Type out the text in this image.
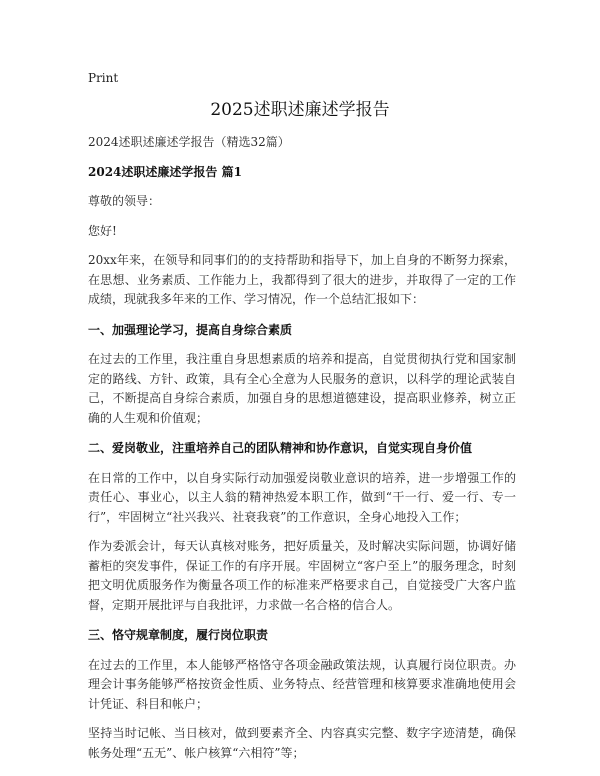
Print
2025述职述廉述学报告

2024述职述廉述学报告（精选32篇）

2024述职述廉述学报告 篇1

尊敬的领导：

您好!

20xx年来，在领导和同事们的的支持帮助和指导下，加上自身的不断努力探索，在思想、业务素质、工作能力上，我都得到了很大的进步，并取得了一定的工作成绩，现就我多年来的工作、学习情况，作一个总结汇报如下：

一、加强理论学习，提高自身综合素质

在过去的工作里，我注重自身思想素质的培养和提高，自觉贯彻执行党和国家制定的路线、方针、政策，具有全心全意为人民服务的意识，以科学的理论武装自己，不断提高自身综合素质，加强自身的思想道德建设，提高职业修养，树立正确的人生观和价值观；

二、爱岗敬业，注重培养自己的团队精神和协作意识，自觉实现自身价值

在日常的工作中，以自身实际行动加强爱岗敬业意识的培养，进一步增强工作的责任心、事业心，以主人翁的精神热爱本职工作，做到“干一行、爱一行、专一行”，牢固树立“社兴我兴、社衰我衰”的工作意识，全身心地投入工作；

作为委派会计，每天认真核对账务，把好质量关，及时解决实际问题，协调好储蓄柜的突发事件，保证工作的有序开展。牢固树立“客户至上”的服务理念，时刻把文明优质服务作为衡量各项工作的标准来严格要求自己，自觉接受广大客户监督，定期开展批评与自我批评，力求做一名合格的信合人。

三、恪守规章制度，履行岗位职责

在过去的工作里，本人能够严格恪守各项金融政策法规，认真履行岗位职责。办理会计事务能够严格按资金性质、业务特点、经营管理和核算要求准确地使用会计凭证、科目和帐户；

坚持当时记帐、当日核对，做到要素齐全、内容真实完整、数字字迹清楚，确保帐务处理“五无”、帐户核算“六相符”等；
